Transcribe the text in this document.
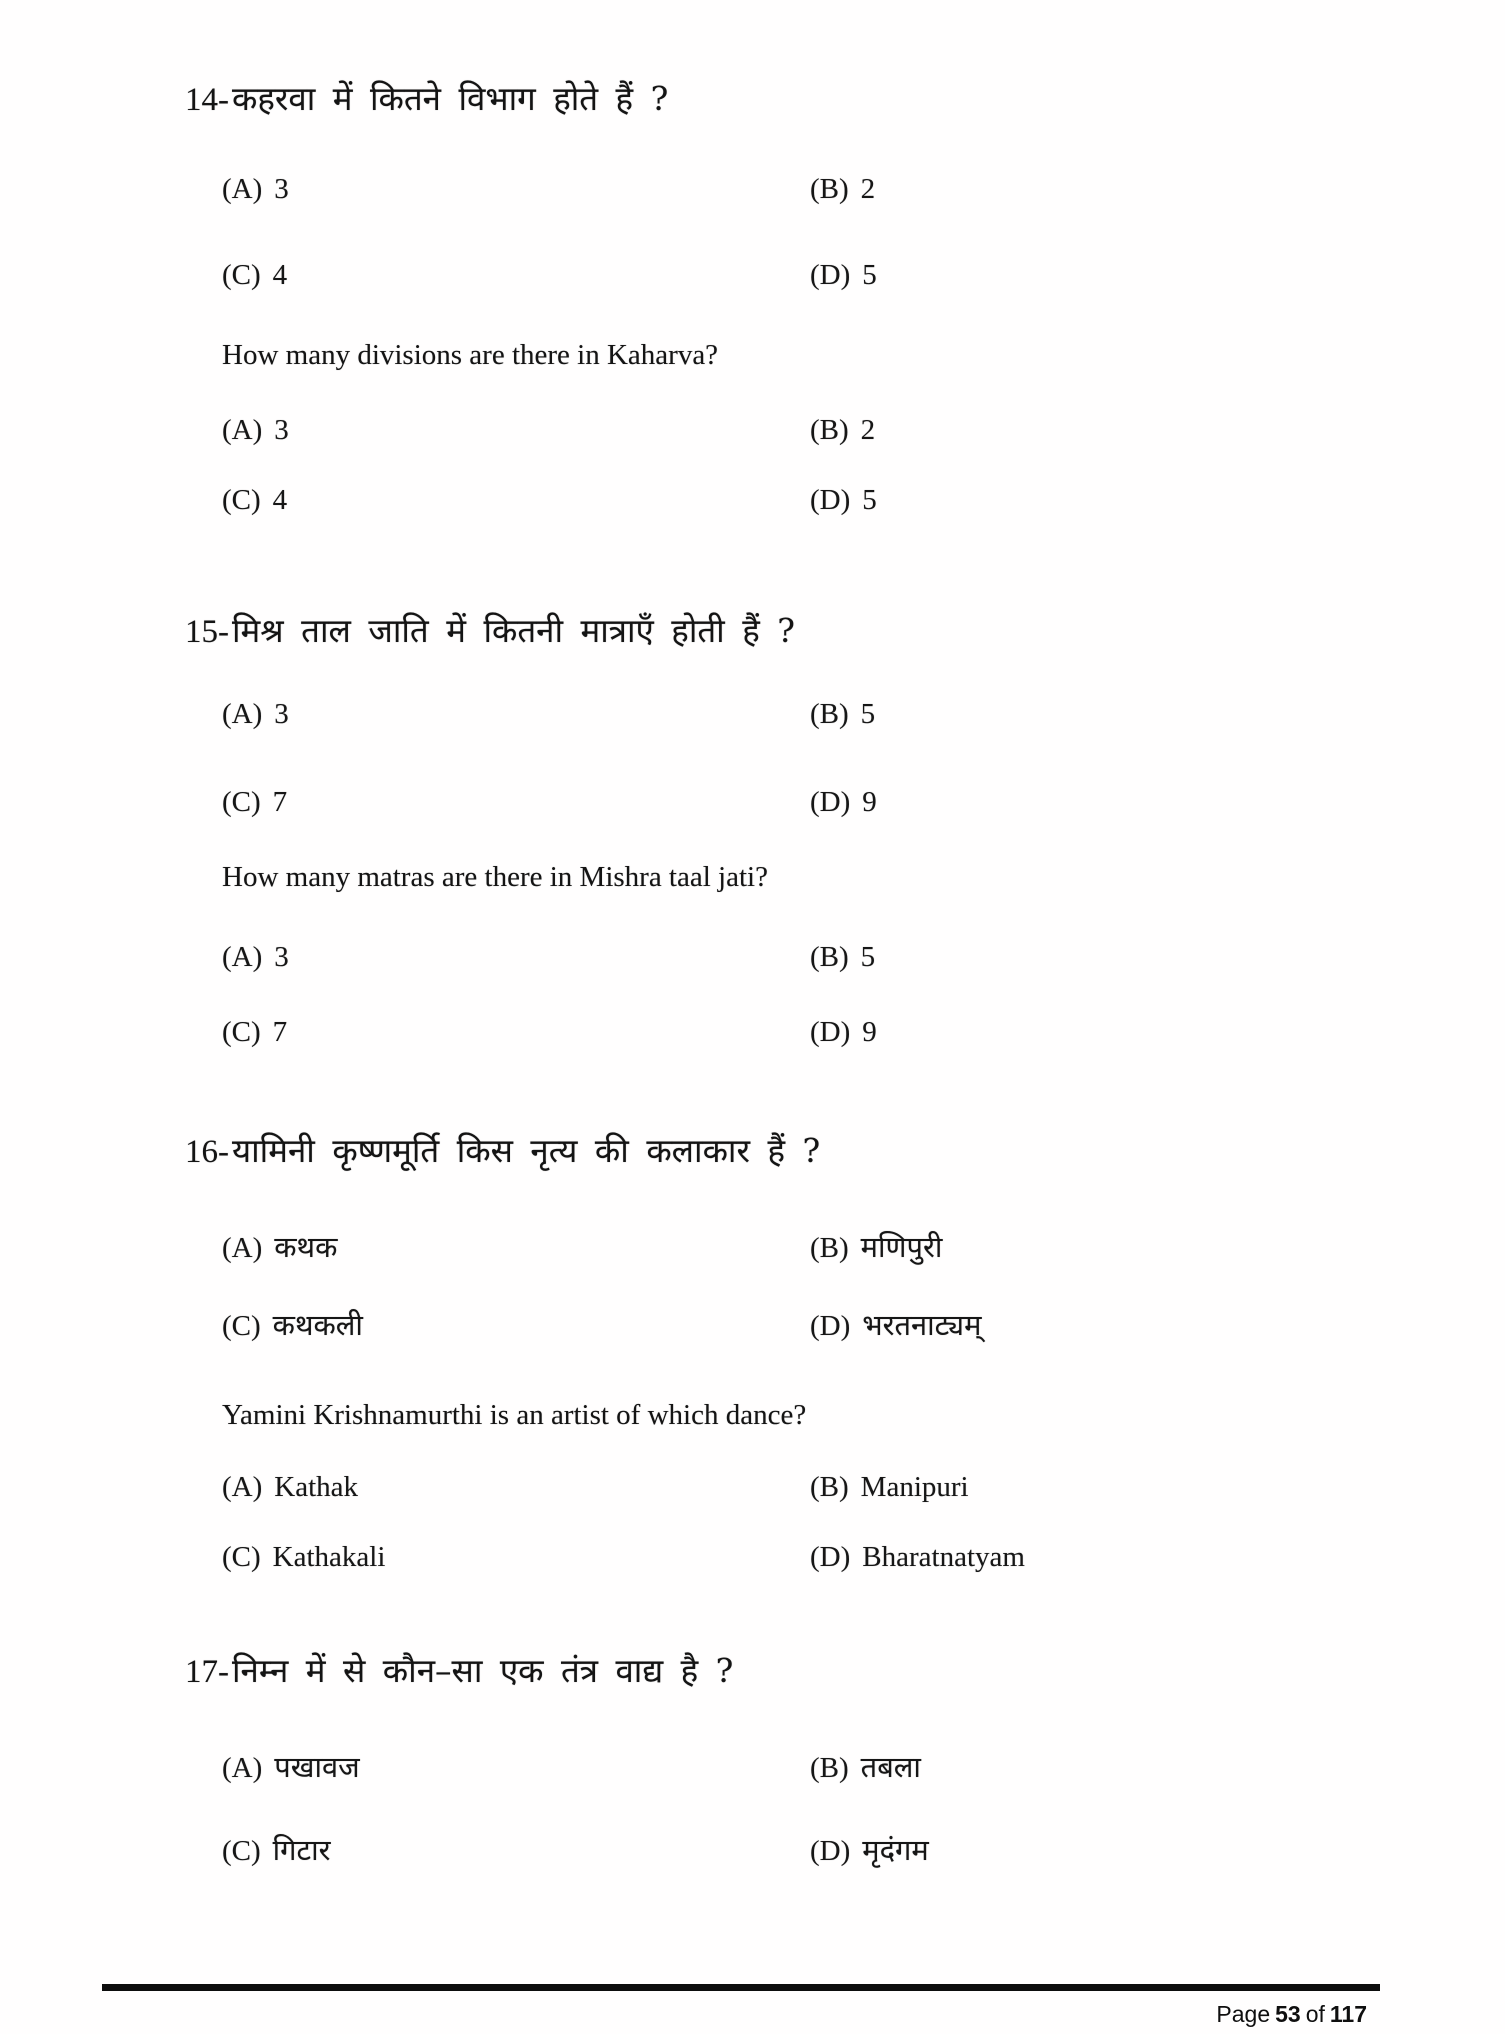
14-कहरवा में कितने विभाग होते हैं ?
(A) 3	(B) 2
(C) 4	(D) 5
How many divisions are there in Kaharva?
(A) 3	(B) 2
(C) 4	(D) 5
15-मिश्र ताल जाति में कितनी मात्राएँ होती हैं ?
(A) 3	(B) 5
(C) 7	(D) 9
How many matras are there in Mishra taal jati?
(A) 3	(B) 5
(C) 7	(D) 9
16-यामिनी कृष्णमूर्ति किस नृत्य की कलाकार हैं ?
(A) कथक	(B) मणिपुरी
(C) कथकली	(D) भरतनाट्यम्
Yamini Krishnamurthi is an artist of which dance?
(A) Kathak	(B) Manipuri
(C) Kathakali	(D) Bharatnatyam
17-निम्न में से कौन–सा एक तंत्र वाद्य है ?
(A) पखावज	(B) तबला
(C) गिटार	(D) मृदंगम
Page 53 of 117
